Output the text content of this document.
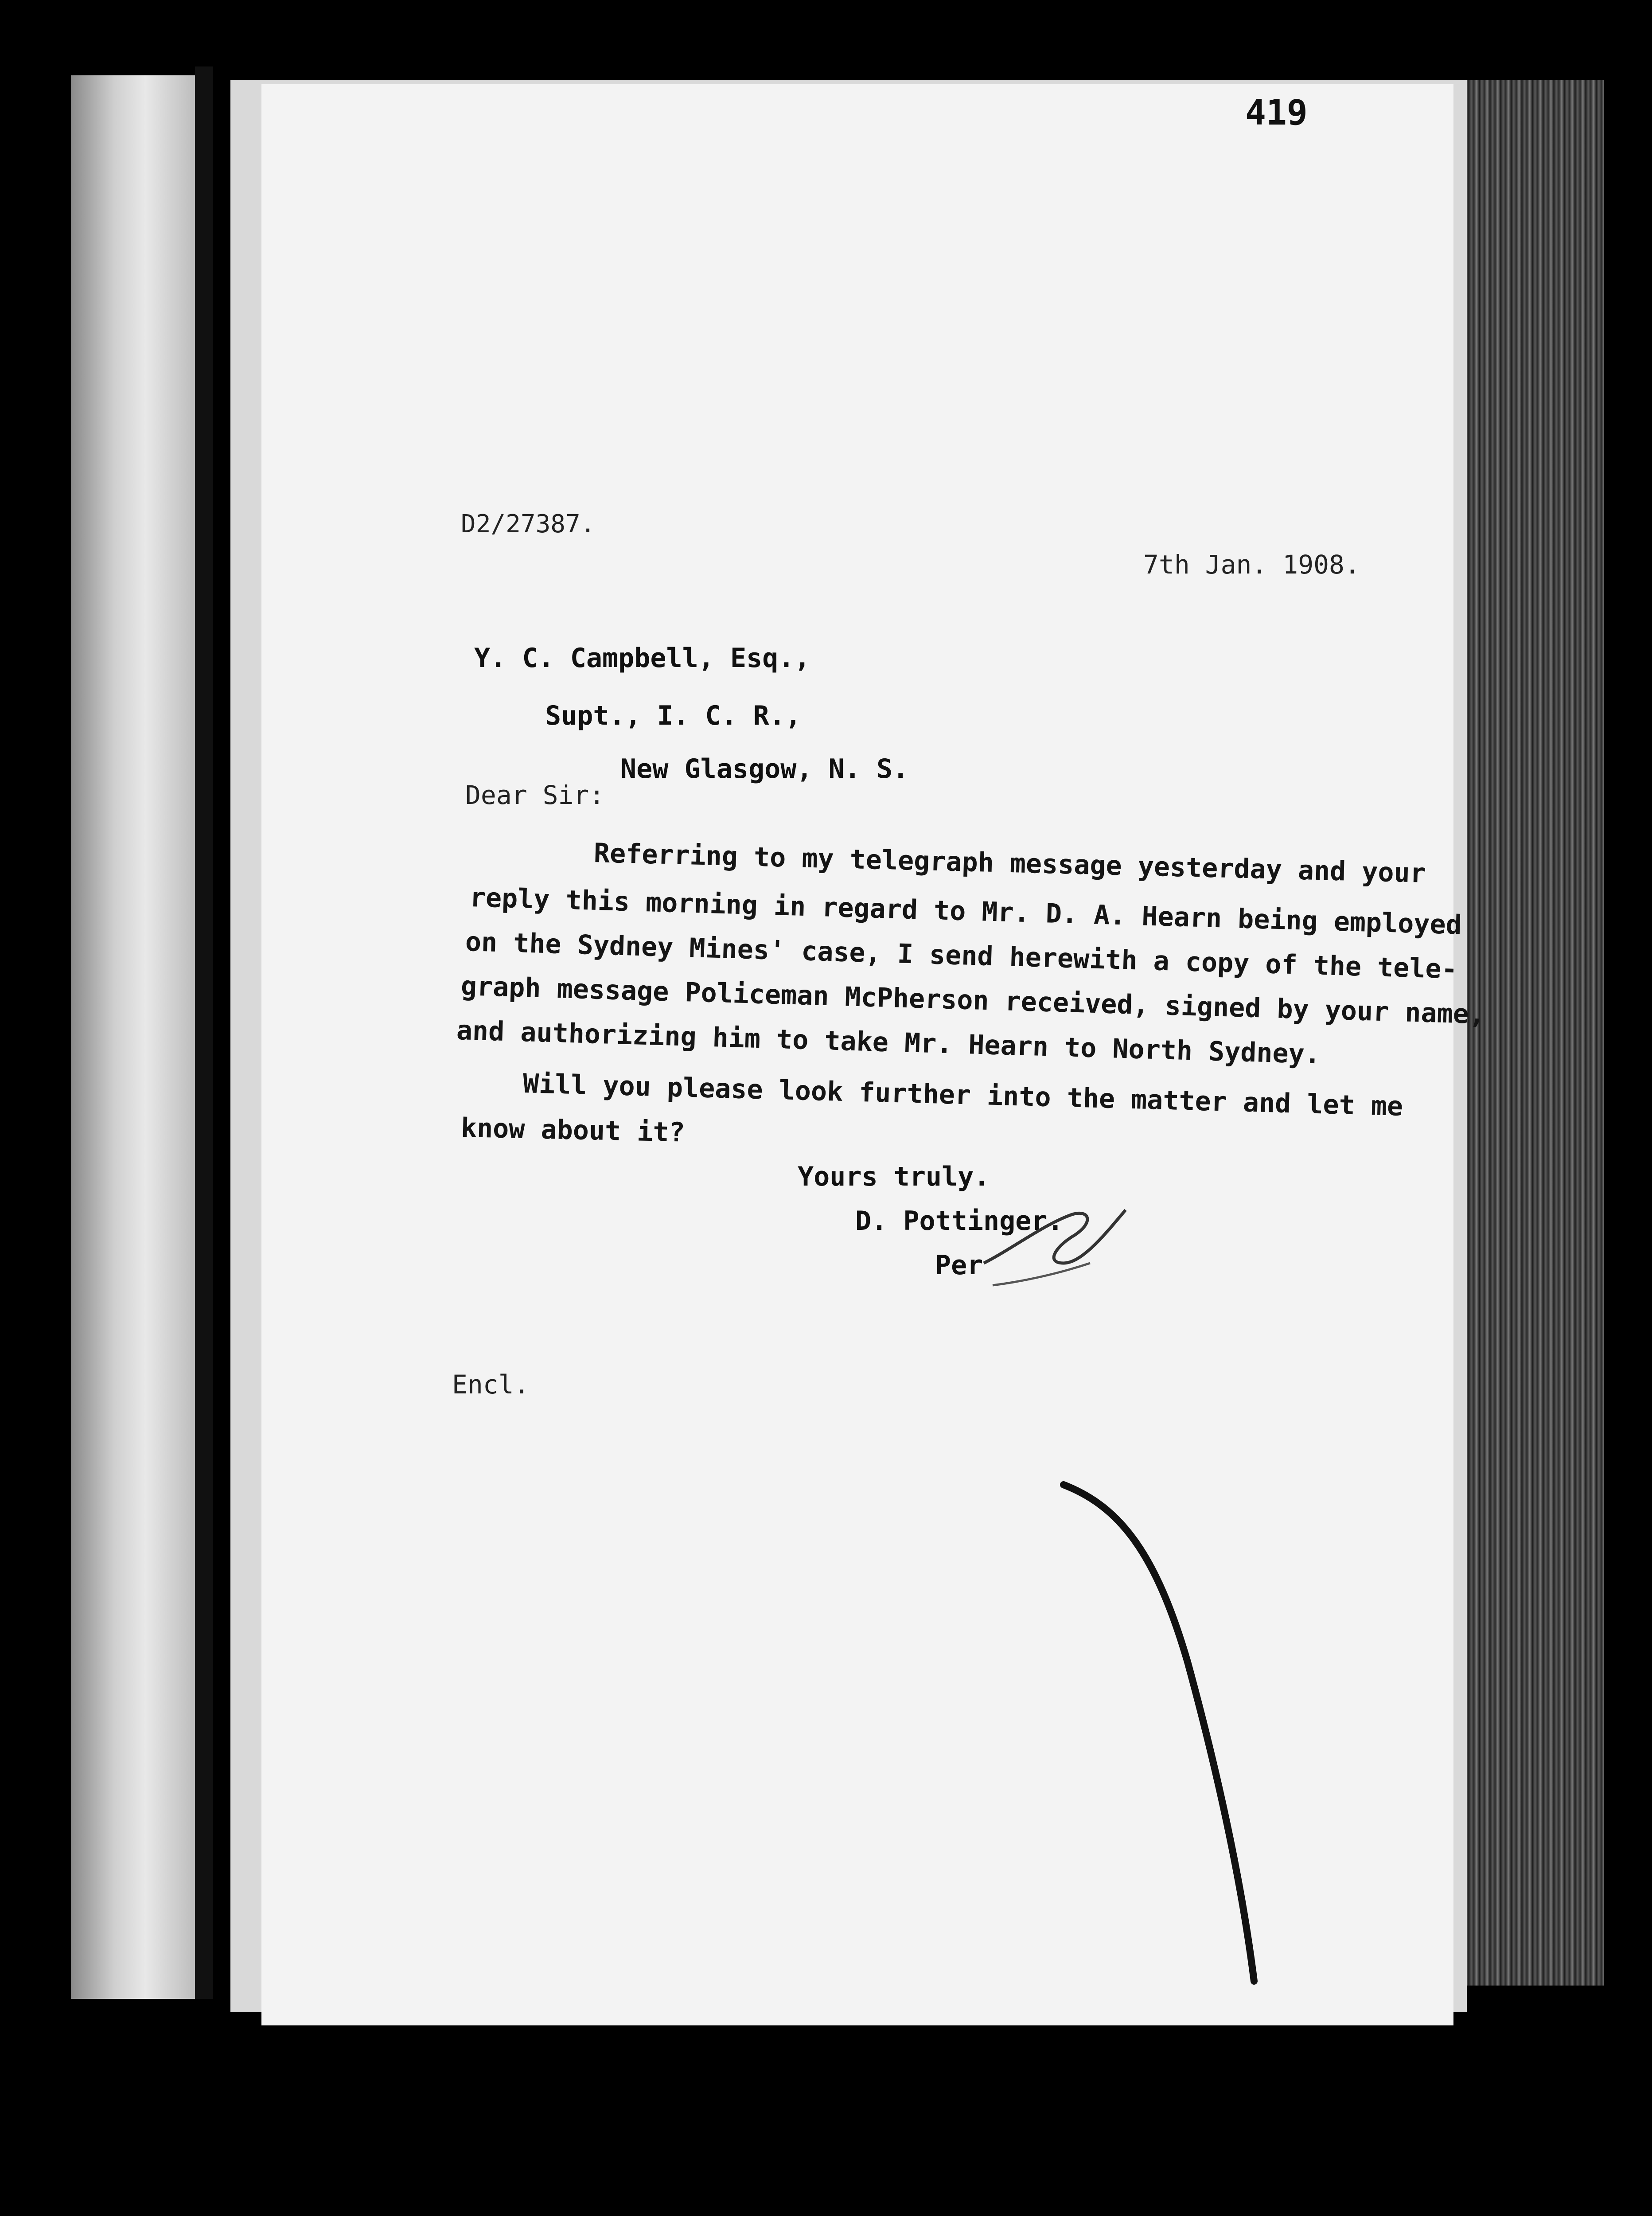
419
D2/27387.
7th Jan. 1908.
Y. C. Campbell, Esq.,
Supt., I. C. R.,
New Glasgow, N. S.
Dear Sir:
Referring to my telegraph message yesterday and your
reply this morning in regard to Mr. D. A. Hearn being employed
on the Sydney Mines' case, I send herewith a copy of the tele-
graph message Policeman McPherson received, signed by your name,
and authorizing him to take Mr. Hearn to North Sydney.
Will you please look further into the matter and let me
know about it?
Yours truly.
D. Pottinger.
Per
Encl.
